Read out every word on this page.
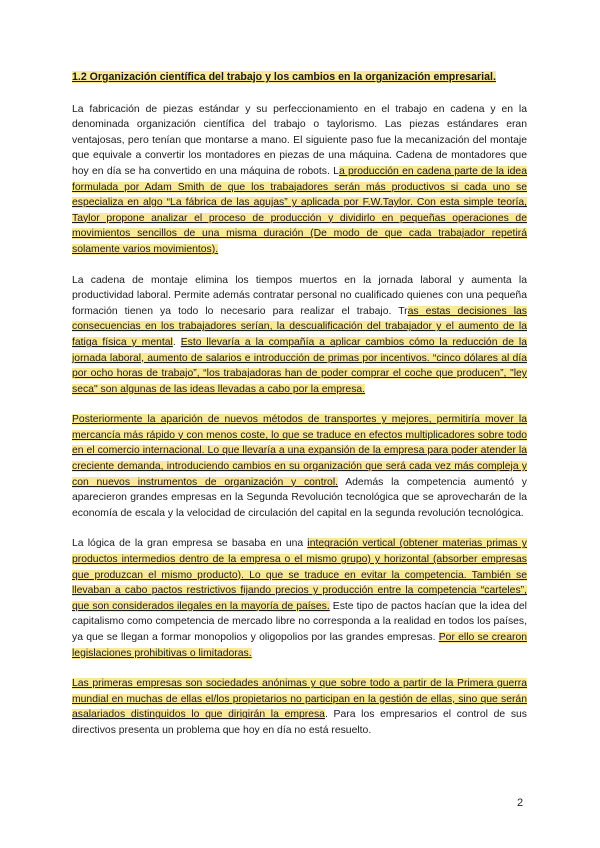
1.2 Organización científica del trabajo y los cambios en la organización empresarial.

La fabricación de piezas estándar y su perfeccionamiento en el trabajo en cadena y en la denominada organización científica del trabajo o taylorismo. Las piezas estándares eran ventajosas, pero tenían que montarse a mano. El siguiente paso fue la mecanización del montaje que equivale a convertir los montadores en piezas de una máquina. Cadena de montadores que hoy en día se ha convertido en una máquina de robots. La producción en cadena parte de la idea formulada por Adam Smith de que los trabajadores serán más productivos si cada uno se especializa en algo “La fábrica de las agujas” y aplicada por F.W.Taylor. Con esta simple teoría, Taylor propone analizar el proceso de producción y dividirlo en pequeñas operaciones de movimientos sencillos de una misma duración (De modo de que cada trabajador repetirá solamente varios movimientos).

La cadena de montaje elimina los tiempos muertos en la jornada laboral y aumenta la productividad laboral. Permite además contratar personal no cualificado quienes con una pequeña formación tienen ya todo lo necesario para realizar el trabajo. Tras estas decisiones las consecuencias en los trabajadores serían, la descualificación del trabajador y el aumento de la fatiga física y mental. Esto llevaría a la compañía a aplicar cambios cómo la reducción de la jornada laboral, aumento de salarios e introducción de primas por incentivos. “cinco dólares al día por ocho horas de trabajo”, “los trabajadoras han de poder comprar el coche que producen”, "ley seca" son algunas de las ideas llevadas a cabo por la empresa.

Posteriormente la aparición de nuevos métodos de transportes y mejores, permitiría mover la mercancía más rápido y con menos coste, lo que se traduce en efectos multiplicadores sobre todo en el comercio internacional. Lo que llevaría a una expansión de la empresa para poder atender la creciente demanda, introduciendo cambios en su organización que será cada vez más compleja y con nuevos instrumentos de organización y control. Además la competencia aumentó y aparecieron grandes empresas en la Segunda Revolución tecnológica que se aprovecharán de la economía de escala y la velocidad de circulación del capital en la segunda revolución tecnológica.

La lógica de la gran empresa se basaba en una integración vertical (obtener materias primas y productos intermedios dentro de la empresa o el mismo grupo) y horizontal (absorber empresas que produzcan el mismo producto). Lo que se traduce en evitar la competencia. También se llevaban a cabo pactos restrictivos fijando precios y producción entre la competencia “carteles”, que son considerados ilegales en la mayoría de países. Este tipo de pactos hacían que la idea del capitalismo como competencia de mercado libre no corresponda a la realidad en todos los países, ya que se llegan a formar monopolios y oligopolios por las grandes empresas. Por ello se crearon legislaciones prohibitivas o limitadoras.

Las primeras empresas son sociedades anónimas y que sobre todo a partir de la Primera guerra mundial en muchas de ellas el/los propietarios no participan en la gestión de ellas, sino que serán asalariados distinguidos lo que dirigirán la empresa. Para los empresarios el control de sus directivos presenta un problema que hoy en día no está resuelto.

2
